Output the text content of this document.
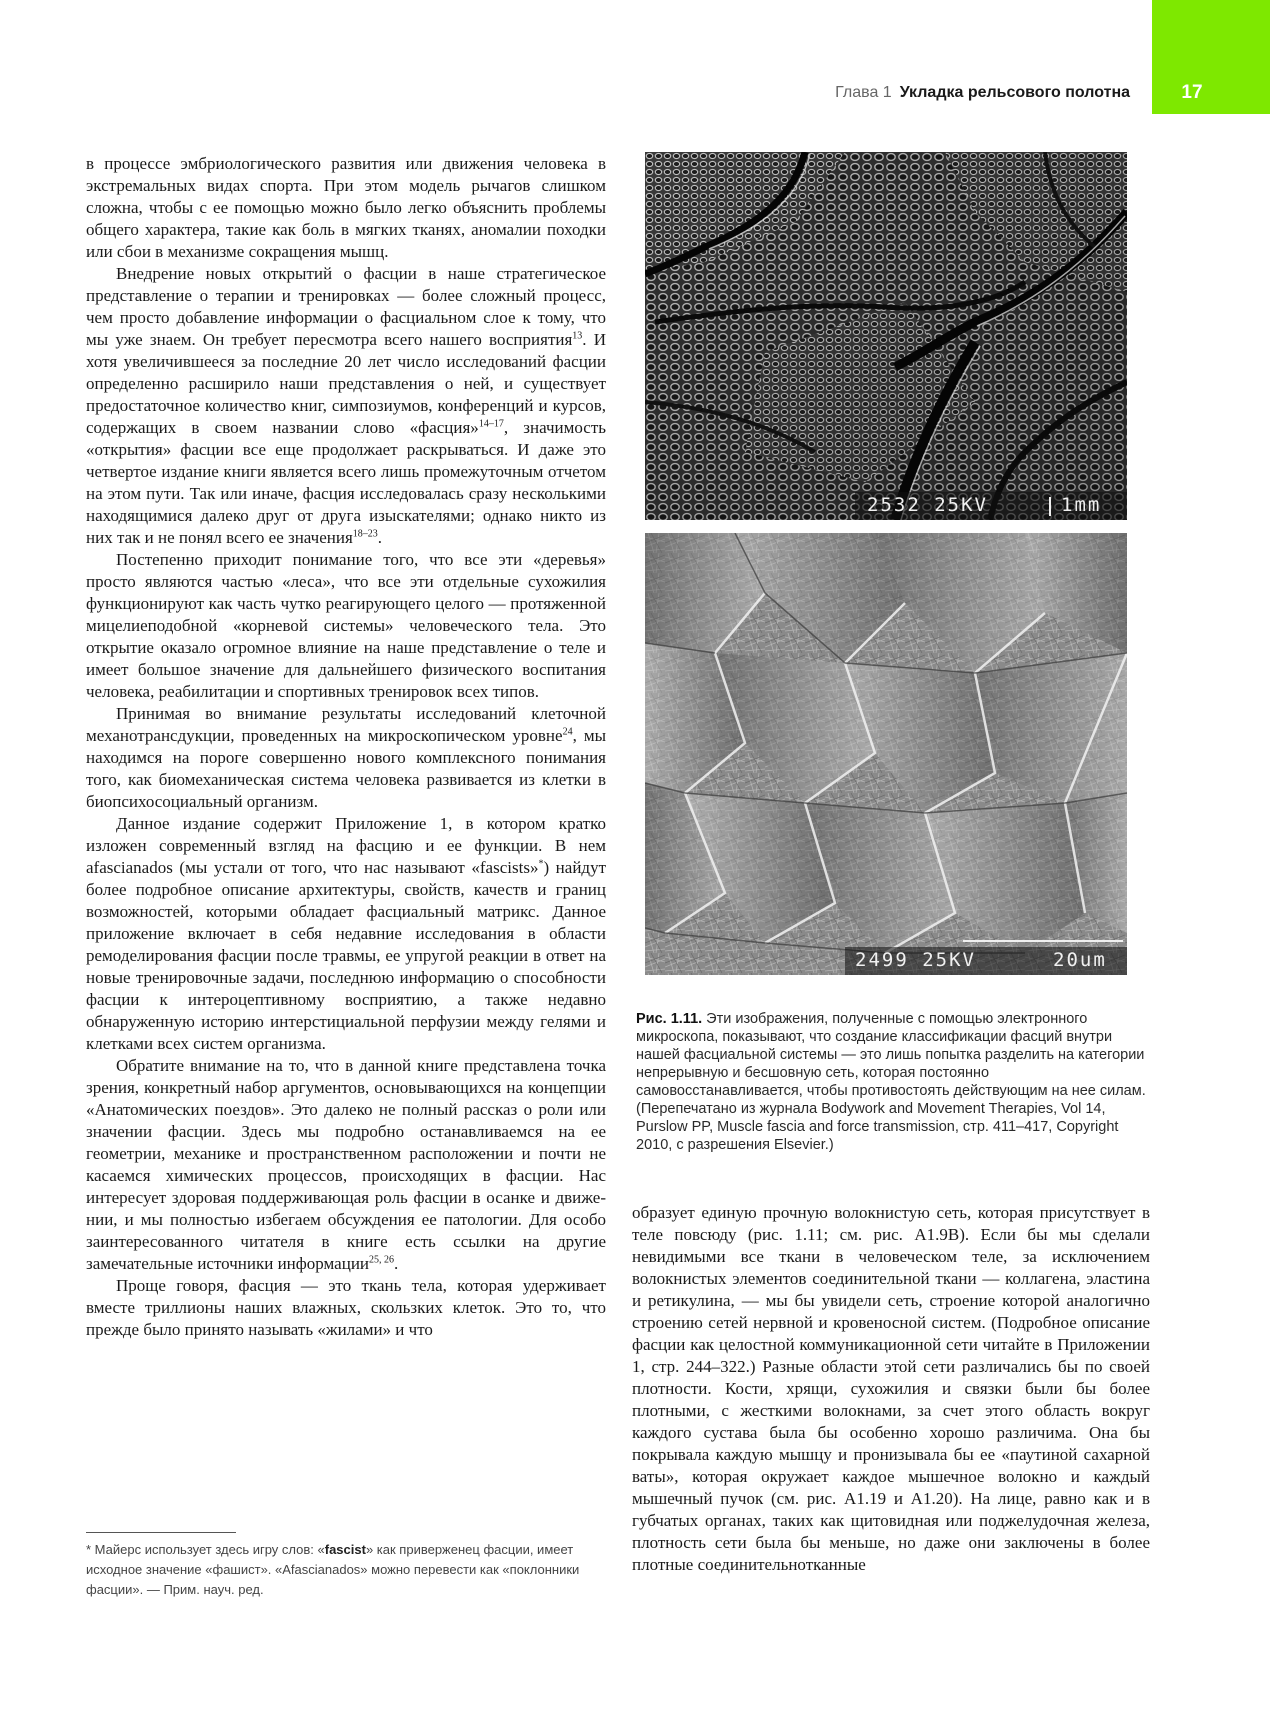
17
Глава 1 Укладка рельсового полотна

в процессе эмбриологического развития или движения человека в экстремальных видах спорта. При этом модель рычагов слишком сложна, чтобы с ее помощью можно было легко объяснить проблемы общего характера, такие как боль в мягких тканях, аномалии походки или сбои в механизме сокращения мышц.

Внедрение новых открытий о фасции в наше стратегическое представление о терапии и тренировках — более сложный процесс, чем просто добавление информации о фасциальном слое к тому, что мы уже знаем. Он требует пересмотра всего нашего восприятия$^{13}$. И хотя увеличившееся за последние 20 лет число исследований фасции определенно расширило наши представления о ней, и существует предостаточное количество книг, симпозиумов, конференций и курсов, содержащих в своем названии слово «фасция»$^{14-17}$, значимость «открытия» фасции все еще продолжает раскрываться. И даже это четвертое издание книги является всего лишь промежуточным отчетом на этом пути. Так или иначе, фасция исследовалась сразу несколькими находящимися далеко друг от друга изыскателями; однако никто из них так и не понял всего ее значения$^{18-23}$.

Постепенно приходит понимание того, что все эти «деревья» просто являются частью «леса», что все эти отдельные сухожилия функционируют как часть чутко реагирующего целого — протяженной мицелиеподобной «корневой системы» человеческого тела. Это открытие оказало огромное влияние на наше представление о теле и имеет большое значение для дальнейшего физического воспитания человека, реабилитации и спортивных тренировок всех типов.

Принимая во внимание результаты исследований клеточной механотрансдукции, проведенных на микроскопическом уровне$^{24}$, мы находимся на пороге совершенно нового комплексного понимания того, как биомеханическая система человека развивается из клетки в биопсихосоциальный организм.

Данное издание содержит Приложение 1, в котором кратко изложен современный взгляд на фасцию и ее функции. В нем afascianados (мы устали от того, что нас называют «fascists»*) найдут более подробное описание архитектуры, свойств, качеств и границ возможностей, которыми обладает фасциальный матрикс. Данное приложение включает в себя недавние исследования в области ремоделирования фасции после травмы, ее упругой реакции в ответ на новые тренировочные задачи, последнюю информацию о способности фасции к интероцептивному восприятию, а также недавно обнаруженную историю интерстициальной перфузии между гелями и клетками всех систем организма.

Обратите внимание на то, что в данной книге представлена точка зрения, конкретный набор аргументов, основывающихся на концепции «Анатомических поездов». Это далеко не полный рассказ о роли или значении фасции. Здесь мы подробно останавливаемся на ее геометрии, механике и пространственном расположении и почти не касаемся химических процессов, происходящих в фасции. Нас интересует здоровая поддерживающая роль фасции в осанке и движении, и мы полностью избегаем обсуждения ее патологии. Для особо заинтересованного читателя в книге есть ссылки на другие замечательные источники информации$^{25, 26}$.

Проще говоря, фасция — это ткань тела, которая удерживает вместе триллионы наших влажных, скользких клеток. Это то, что прежде было принято называть «жилами» и что

* Майерс использует здесь игру слов: «fascist» как приверженец фасции, имеет исходное значение «фашист». «Afascianados» можно перевести как «поклонники фасции». — Прим. науч. ред.
2532 25KV	1mm
2499 25KV	20um
Рис. 1.11. Эти изображения, полученные с помощью электронного микроскопа, показывают, что создание классификации фасций внутри нашей фасциальной системы — это лишь попытка разделить на категории непрерывную и бесшовную сеть, которая постоянно самовосстанавливается, чтобы противостоять действующим на нее силам. (Перепечатано из журнала Bodywork and Movement Therapies, Vol 14, Purslow PP, Muscle fascia and force transmission, стр. 411–417, Copyright 2010, с разрешения Elsevier.)

образует единую прочную волокнистую сеть, которая присутствует в теле повсюду (рис. 1.11; см. рис. A1.9B). Если бы мы сделали невидимыми все ткани в человеческом теле, за исключением волокнистых элементов соединительной ткани — коллагена, эластина и ретикулина, — мы бы увидели сеть, строение которой аналогично строению сетей нервной и кровеносной систем. (Подробное описание фасции как целостной коммуникационной сети читайте в Приложении 1, стр. 244–322.) Разные области этой сети различались бы по своей плотности. Кости, хрящи, сухожилия и связки были бы более плотными, с жесткими волокнами, за счет этого область вокруг каждого сустава была бы особенно хорошо различима. Она бы покрывала каждую мышцу и пронизывала бы ее «паутиной сахарной ваты», которая окружает каждое мышечное волокно и каждый мышечный пучок (см. рис. A1.19 и A1.20). На лице, равно как и в губчатых органах, таких как щитовидная или поджелудочная железа, плотность сети была бы меньше, но даже они заключены в более плотные соединительнотканные
